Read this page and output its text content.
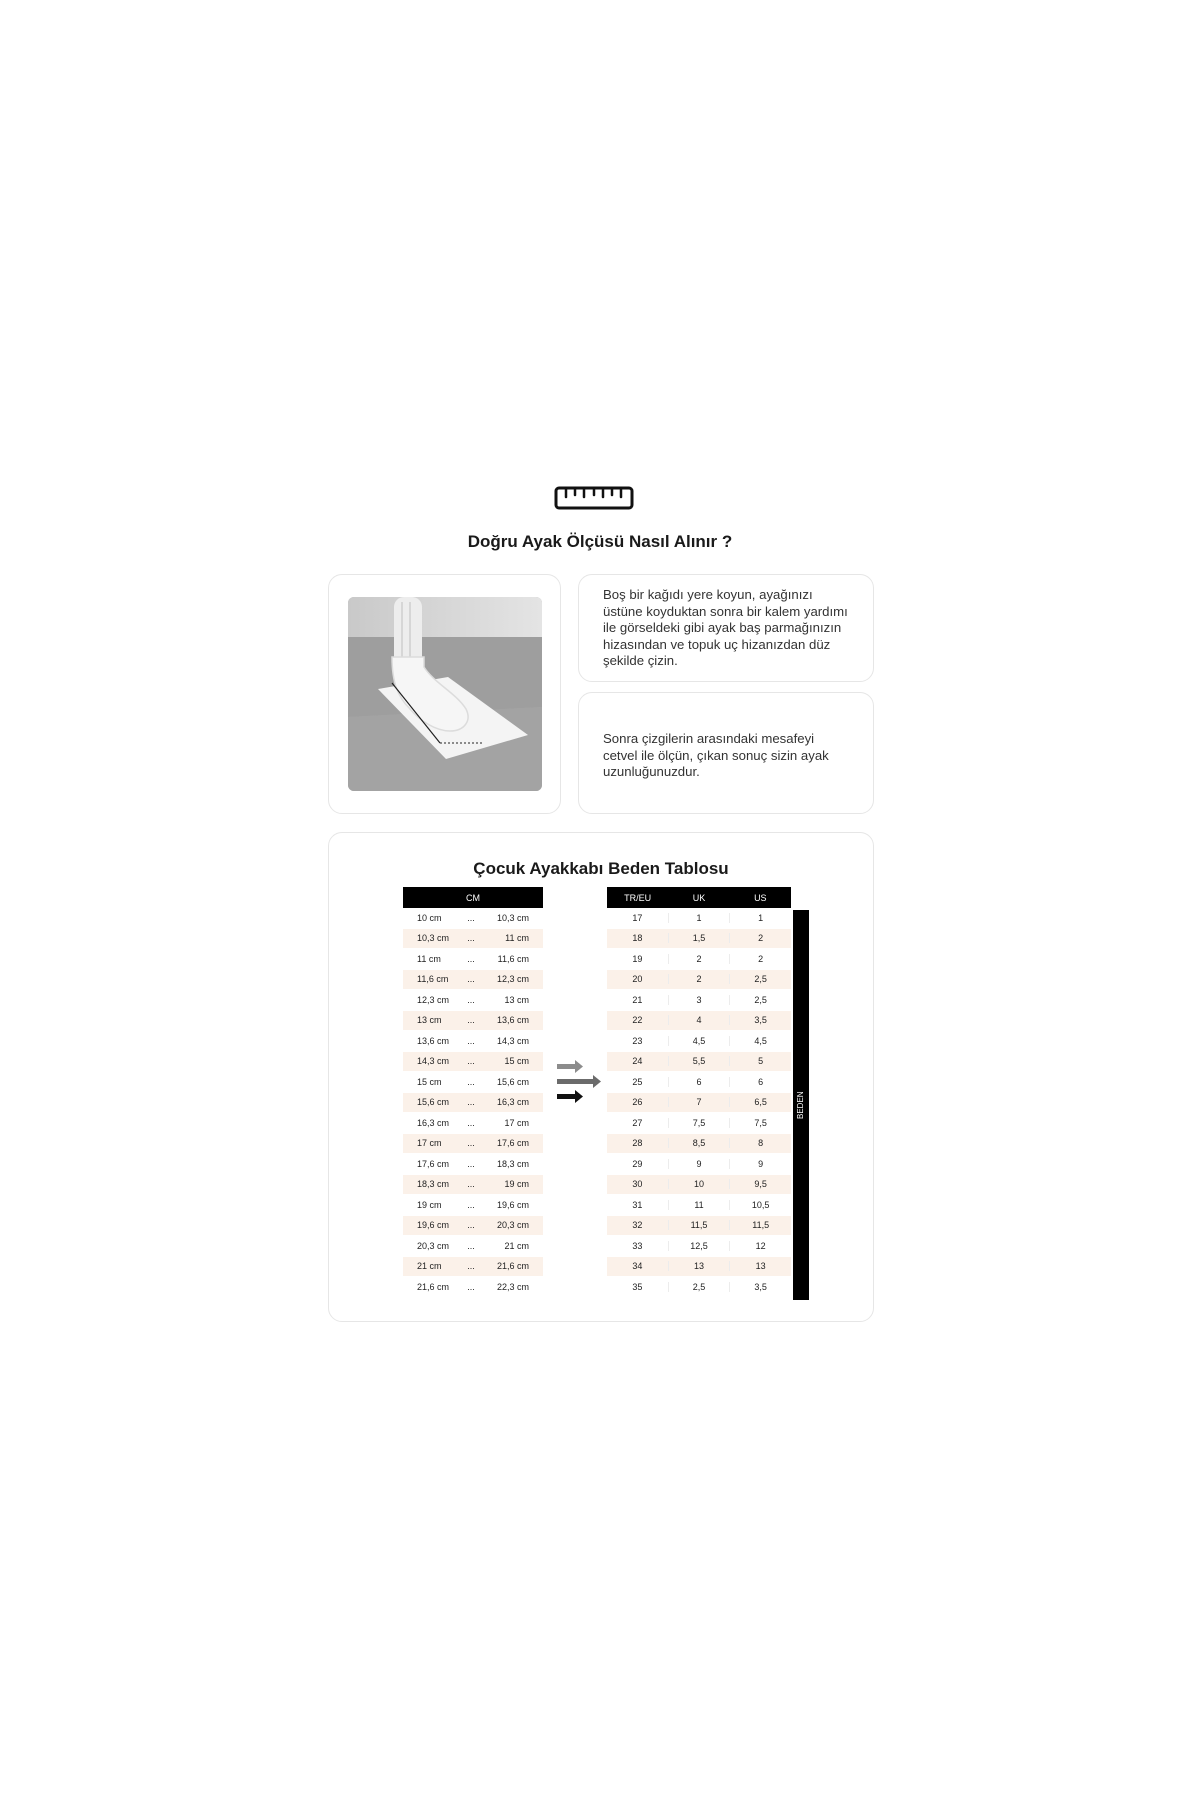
Doğru Ayak Ölçüsü Nasıl Alınır ?
Boş bir kağıdı yere koyun, ayağınızı üstüne koyduktan sonra bir kalem yardımı ile görseldeki gibi ayak baş parmağınızın hizasından ve topuk uç hizanızdan düz şekilde çizin.
Sonra çizgilerin arasındaki mesafeyi cetvel ile ölçün, çıkan sonuç sizin ayak uzunluğunuzdur.
Çocuk Ayakkabı Beden Tablosu
CM
10 cm	...	10,3 cm
10,3 cm	...	11 cm
11 cm	...	11,6 cm
11,6 cm	...	12,3 cm
12,3 cm	...	13 cm
13 cm	...	13,6 cm
13,6 cm	...	14,3 cm
14,3 cm	...	15 cm
15 cm	...	15,6 cm
15,6 cm	...	16,3 cm
16,3 cm	...	17 cm
17 cm	...	17,6 cm
17,6 cm	...	18,3 cm
18,3 cm	...	19 cm
19 cm	...	19,6 cm
19,6 cm	...	20,3 cm
20,3 cm	...	21 cm
21 cm	...	21,6 cm
21,6 cm	...	22,3 cm
TR/EU	UK	US
17	1	1
18	1,5	2
19	2	2
20	2	2,5
21	3	2,5
22	4	3,5
23	4,5	4,5
24	5,5	5
25	6	6
26	7	6,5
27	7,5	7,5
28	8,5	8
29	9	9
30	10	9,5
31	11	10,5
32	11,5	11,5
33	12,5	12
34	13	13
35	2,5	3,5
BEDEN
